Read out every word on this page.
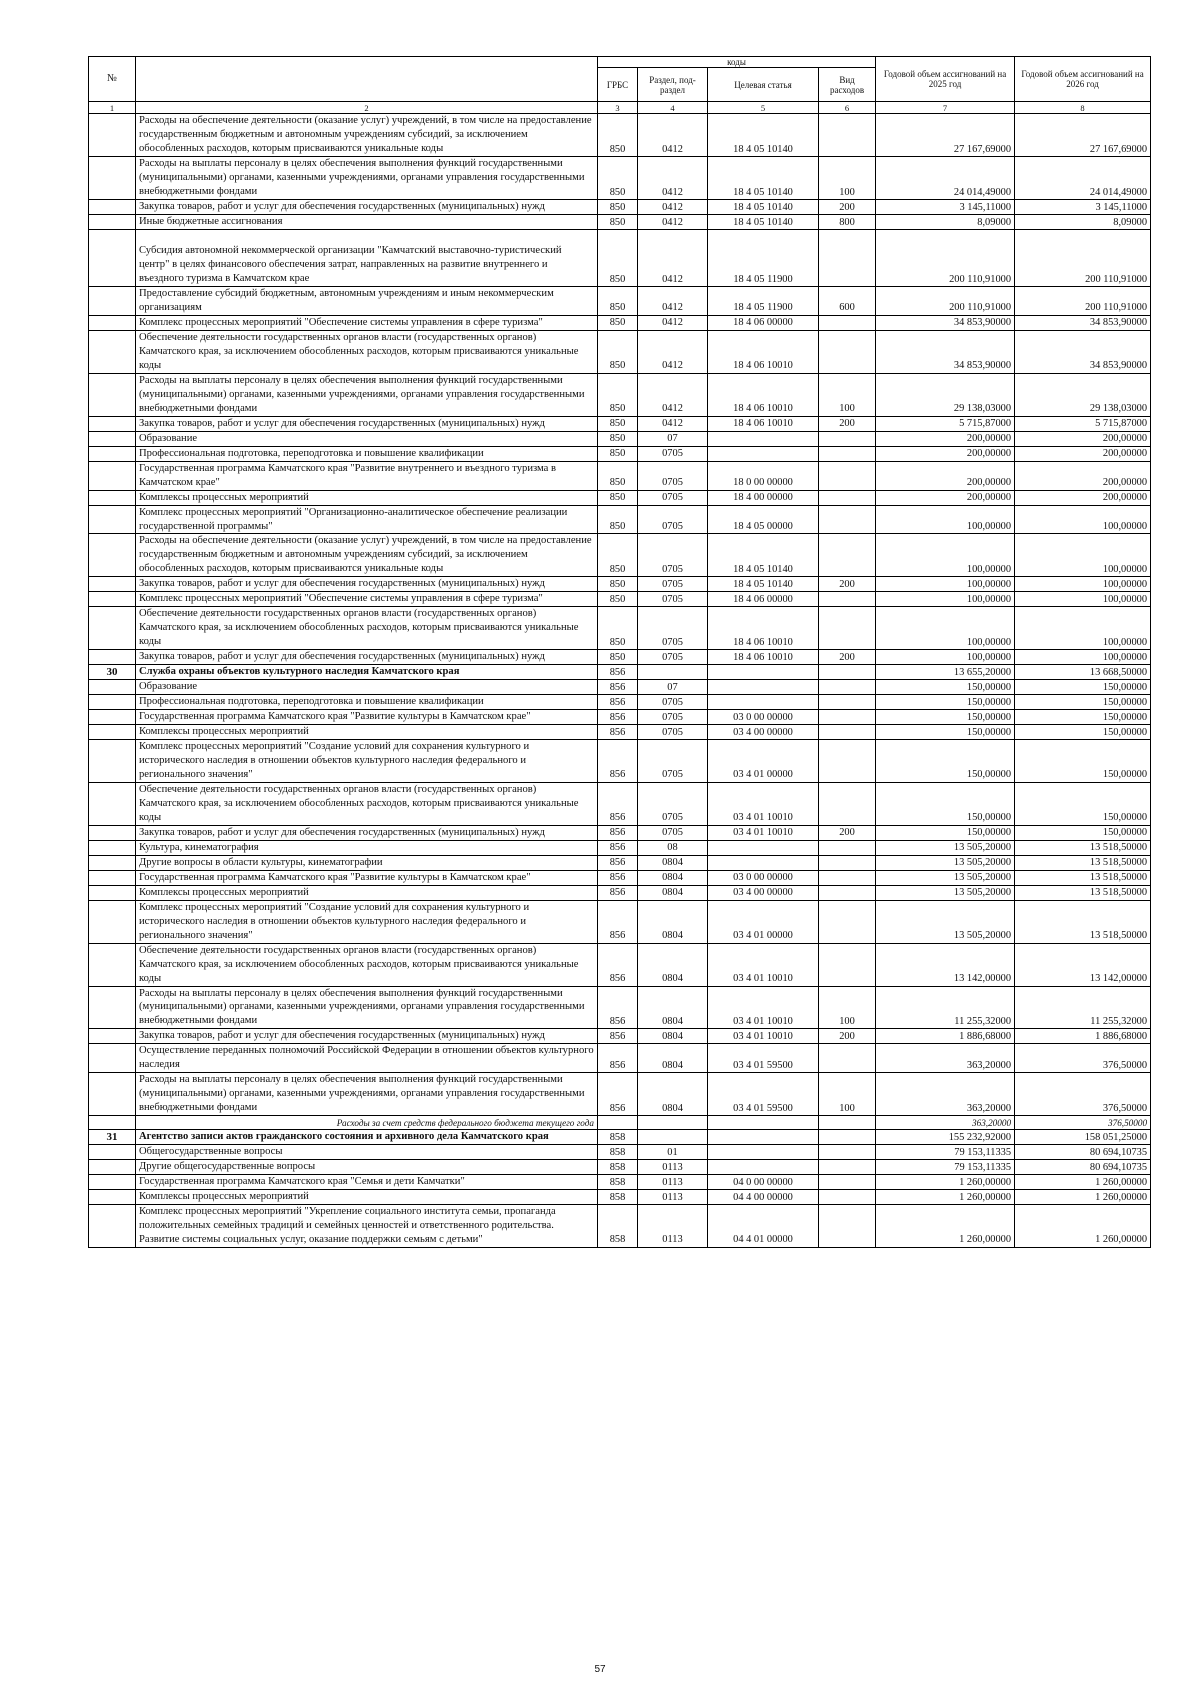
№		коды				Годовой объем ассигнований на 2025 год	Годовой объем ассигнований на 2026 год
		ГРБС	Раздел, под-раздел	Целевая статья	Вид расходов		
1	2	3	4	5	6	7	8
	Расходы на обеспечение деятельности (оказание услуг) учреждений, в том числе на предоставление государственным бюджетным и автономным учреждениям субсидий, за исключением обособленных расходов, которым присваиваются уникальные коды	850	0412	18 4 05 10140		27 167,69000	27 167,69000
	Расходы на выплаты персоналу в целях обеспечения выполнения функций государственными (муниципальными) органами, казенными учреждениями, органами управления государственными внебюджетными фондами	850	0412	18 4 05 10140	100	24 014,49000	24 014,49000
	Закупка товаров, работ и услуг для обеспечения государственных (муниципальных) нужд	850	0412	18 4 05 10140	200	3 145,11000	3 145,11000
	Иные бюджетные ассигнования	850	0412	18 4 05 10140	800	8,09000	8,09000
	Субсидия автономной некоммерческой организации "Камчатский выставочно-туристический центр" в целях финансового обеспечения затрат, направленных на развитие внутреннего и въездного туризма в Камчатском крае	850	0412	18 4 05 11900		200 110,91000	200 110,91000
	Предоставление субсидий бюджетным, автономным учреждениям и иным некоммерческим организациям	850	0412	18 4 05 11900	600	200 110,91000	200 110,91000
	Комплекс процессных мероприятий "Обеспечение системы управления в сфере туризма"	850	0412	18 4 06 00000		34 853,90000	34 853,90000
	Обеспечение деятельности государственных органов власти (государственных органов) Камчатского края, за исключением обособленных расходов, которым присваиваются уникальные коды	850	0412	18 4 06 10010		34 853,90000	34 853,90000
	Расходы на выплаты персоналу в целях обеспечения выполнения функций государственными (муниципальными) органами, казенными учреждениями, органами управления государственными внебюджетными фондами	850	0412	18 4 06 10010	100	29 138,03000	29 138,03000
	Закупка товаров, работ и услуг для обеспечения государственных (муниципальных) нужд	850	0412	18 4 06 10010	200	5 715,87000	5 715,87000
	Образование	850	07			200,00000	200,00000
	Профессиональная подготовка, переподготовка и повышение квалификации	850	0705			200,00000	200,00000
	Государственная программа Камчатского края "Развитие внутреннего и въездного туризма в Камчатском крае"	850	0705	18 0 00 00000		200,00000	200,00000
	Комплексы процессных мероприятий	850	0705	18 4 00 00000		200,00000	200,00000
	Комплекс процессных мероприятий "Организационно-аналитическое обеспечение реализации государственной программы"	850	0705	18 4 05 00000		100,00000	100,00000
	Расходы на обеспечение деятельности (оказание услуг) учреждений, в том числе на предоставление государственным бюджетным и автономным учреждениям субсидий, за исключением обособленных расходов, которым присваиваются уникальные коды	850	0705	18 4 05 10140		100,00000	100,00000
	Закупка товаров, работ и услуг для обеспечения государственных (муниципальных) нужд	850	0705	18 4 05 10140	200	100,00000	100,00000
	Комплекс процессных мероприятий "Обеспечение системы управления в сфере туризма"	850	0705	18 4 06 00000		100,00000	100,00000
	Обеспечение деятельности государственных органов власти (государственных органов) Камчатского края, за исключением обособленных расходов, которым присваиваются уникальные коды	850	0705	18 4 06 10010		100,00000	100,00000
	Закупка товаров, работ и услуг для обеспечения государственных (муниципальных) нужд	850	0705	18 4 06 10010	200	100,00000	100,00000
30	Служба охраны объектов культурного наследия Камчатского края	856				13 655,20000	13 668,50000
	Образование	856	07			150,00000	150,00000
	Профессиональная подготовка, переподготовка и повышение квалификации	856	0705			150,00000	150,00000
	Государственная программа Камчатского края "Развитие культуры в Камчатском крае"	856	0705	03 0 00 00000		150,00000	150,00000
	Комплексы процессных мероприятий	856	0705	03 4 00 00000		150,00000	150,00000
	Комплекс процессных мероприятий "Создание условий для сохранения культурного и исторического наследия в отношении объектов культурного наследия федерального и регионального значения"	856	0705	03 4 01 00000		150,00000	150,00000
	Обеспечение деятельности государственных органов власти (государственных органов) Камчатского края, за исключением обособленных расходов, которым присваиваются уникальные коды	856	0705	03 4 01 10010		150,00000	150,00000
	Закупка товаров, работ и услуг для обеспечения государственных (муниципальных) нужд	856	0705	03 4 01 10010	200	150,00000	150,00000
	Культура, кинематография	856	08			13 505,20000	13 518,50000
	Другие вопросы в области культуры, кинематографии	856	0804			13 505,20000	13 518,50000
	Государственная программа Камчатского края "Развитие культуры в Камчатском крае"	856	0804	03 0 00 00000		13 505,20000	13 518,50000
	Комплексы процессных мероприятий	856	0804	03 4 00 00000		13 505,20000	13 518,50000
	Комплекс процессных мероприятий "Создание условий для сохранения культурного и исторического наследия в отношении объектов культурного наследия федерального и регионального значения"	856	0804	03 4 01 00000		13 505,20000	13 518,50000
	Обеспечение деятельности государственных органов власти (государственных органов) Камчатского края, за исключением обособленных расходов, которым присваиваются уникальные коды	856	0804	03 4 01 10010		13 142,00000	13 142,00000
	Расходы на выплаты персоналу в целях обеспечения выполнения функций государственными (муниципальными) органами, казенными учреждениями, органами управления государственными внебюджетными фондами	856	0804	03 4 01 10010	100	11 255,32000	11 255,32000
	Закупка товаров, работ и услуг для обеспечения государственных (муниципальных) нужд	856	0804	03 4 01 10010	200	1 886,68000	1 886,68000
	Осуществление переданных полномочий Российской Федерации в отношении объектов культурного наследия	856	0804	03 4 01 59500		363,20000	376,50000
	Расходы на выплаты персоналу в целях обеспечения выполнения функций государственными (муниципальными) органами, казенными учреждениями, органами управления государственными внебюджетными фондами	856	0804	03 4 01 59500	100	363,20000	376,50000
	Расходы за счет средств федерального бюджета текущего года					363,20000	376,50000
31	Агентство записи актов гражданского состояния и архивного дела Камчатского края	858				155 232,92000	158 051,25000
	Общегосударственные вопросы	858	01			79 153,11335	80 694,10735
	Другие общегосударственные вопросы	858	0113			79 153,11335	80 694,10735
	Государственная программа Камчатского края "Семья и дети Камчатки"	858	0113	04 0 00 00000		1 260,00000	1 260,00000
	Комплексы процессных мероприятий	858	0113	04 4 00 00000		1 260,00000	1 260,00000
	Комплекс процессных мероприятий "Укрепление социального института семьи, пропаганда положительных семейных традиций и семейных ценностей и ответственного родительства. Развитие системы социальных услуг, оказание поддержки семьям с детьми"	858	0113	04 4 01 00000		1 260,00000	1 260,00000
57
